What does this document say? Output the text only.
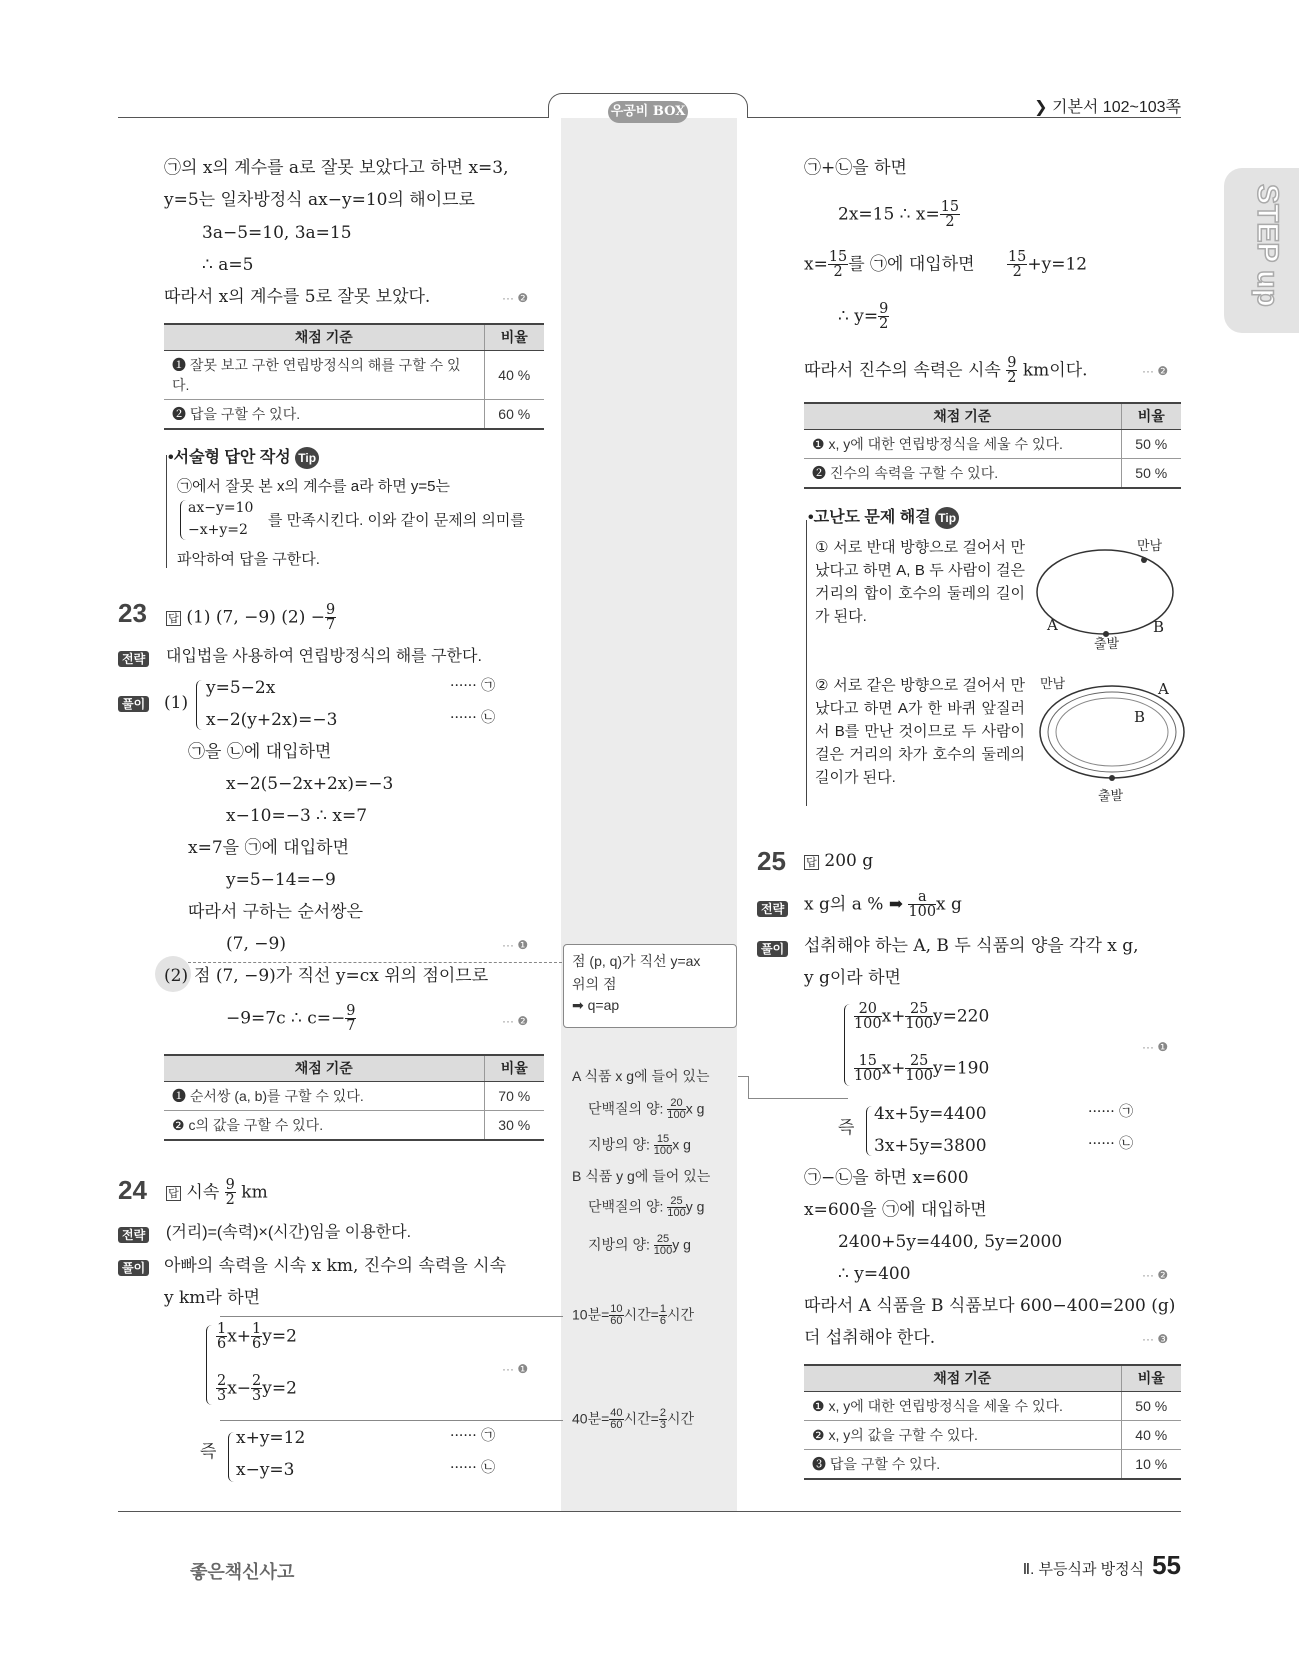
우공비 BOX	❯ 기본서 102~103쪽
STEP up
㉠의 x의 계수를 a로 잘못 보았다고 하면 x=3,
y=5는 일차방정식 ax−y=10의 해이므로
3a−5=10, 3a=15
∴ a=5
따라서 x의 계수를 5로 잘못 보았다.	··· ❷
채점 기준	비율
❶ 잘못 보고 구한 연립방정식의 해를 구할 수 있다.	40 %
❷ 답을 구할 수 있다.	60 %
•서술형 답안 작성 Tip
㉠에서 잘못 본 x의 계수를 a라 하면 y=5는
ax−y=10
−x+y=2
를 만족시킨다. 이와 같이 문제의 의미를
파악하여 답을 구한다.
23 답 (1) (7, −9) $(2) - \frac{9}{7}$
전략 대입법을 사용하여 연립방정식의 해를 구한다.
풀이 (1)
y=5−2x	······ ㉠
x−2(y+2x)=−3	······ ㉡
㉠을 ㉡에 대입하면
x−2(5−2x+2x)=−3
x−10=−3 ∴ x=7
x=7을 ㉠에 대입하면
y=5−14=−9
따라서 구하는 순서쌍은
(7, −9)	··· ❶
(2) 점 (7, −9)가 직선 y=cx 위의 점이므로
−9=7c ∴ $c=- \frac{9}{7}$	··· ❷
채점 기준	비율
❶ 순서쌍 (a, b)를 구할 수 있다.	70 %
❷ c의 값을 구할 수 있다.	30 %
24 답 시속 $\frac{9}{2}$ km
전략 (거리)=(속력)×(시간)임을 이용한다.
풀이 아빠의 속력을 시속 x km, 진수의 속력을 시속
y km라 하면
$\frac{1}{6} x+ \frac{1}{6} y=2$
$\frac{2}{3} x- \frac{2}{3} y=2$
··· ❶
즉
x+y=12	······ ㉠
x−y=3	······ ㉡
점 (p, q)가 직선 y=ax
위의 점
➡ q=ap
A 식품 x g에 들어 있는
단백질의 양: $\frac{20}{100}$ x g
지방의 양: $\frac{15}{100}$ x g
B 식품 y g에 들어 있는
단백질의 양: $\frac{25}{100}$ y g
지방의 양: $\frac{25}{100}$ y g
10분= $\frac{10}{60}$ 시간= $\frac{1}{6}$ 시간
40분= $\frac{40}{60}$ 시간= $\frac{2}{3}$ 시간
㉠+㉡을 하면
2x=15 ∴ $x= \frac{15}{2}$
$x= \frac{15}{2}$ 를 ㉠에 대입하면 $\frac{15}{2} +y=12$
∴ $y= \frac{9}{2}$
따라서 진수의 속력은 시속 $\frac{9}{2}$ km이다.	··· ❷
채점 기준	비율
❶ x, y에 대한 연립방정식을 세울 수 있다.	50 %
❷ 진수의 속력을 구할 수 있다.	50 %
•고난도 문제 해결 Tip
① 서로 반대 방향으로 걸어서 만났다고 하면 A, B 두 사람이 걸은 거리의 합이 호수의 둘레의 길이가 된다.
② 서로 같은 방향으로 걸어서 만났다고 하면 A가 한 바퀴 앞질러서 B를 만난 것이므로 두 사람이 걸은 거리의 차가 호수의 둘레의 길이가 된다.
만남
A	B
출발
만남	A
B
출발
25 답 200 g
전략 x g의 a % ➡ $\frac{a}{100}$ x g
풀이 섭취해야 하는 A, B 두 식품의 양을 각각 x g,
y g이라 하면
$\frac{20}{100} x+ \frac{25}{100} y=220$
$\frac{15}{100} x+ \frac{25}{100} y=190$
··· ❶
즉
4x+5y=4400	······ ㉠
3x+5y=3800	······ ㉡
㉠−㉡을 하면 x=600
x=600을 ㉠에 대입하면
2400+5y=4400, 5y=2000
∴ y=400	··· ❷
따라서 A 식품을 B 식품보다 600−400=200 (g)
더 섭취해야 한다.	··· ❸
채점 기준	비율
❶ x, y에 대한 연립방정식을 세울 수 있다.	50 %
❷ x, y의 값을 구할 수 있다.	40 %
❸ 답을 구할 수 있다.	10 %
좋은책신사고	Ⅱ. 부등식과 방정식 55
